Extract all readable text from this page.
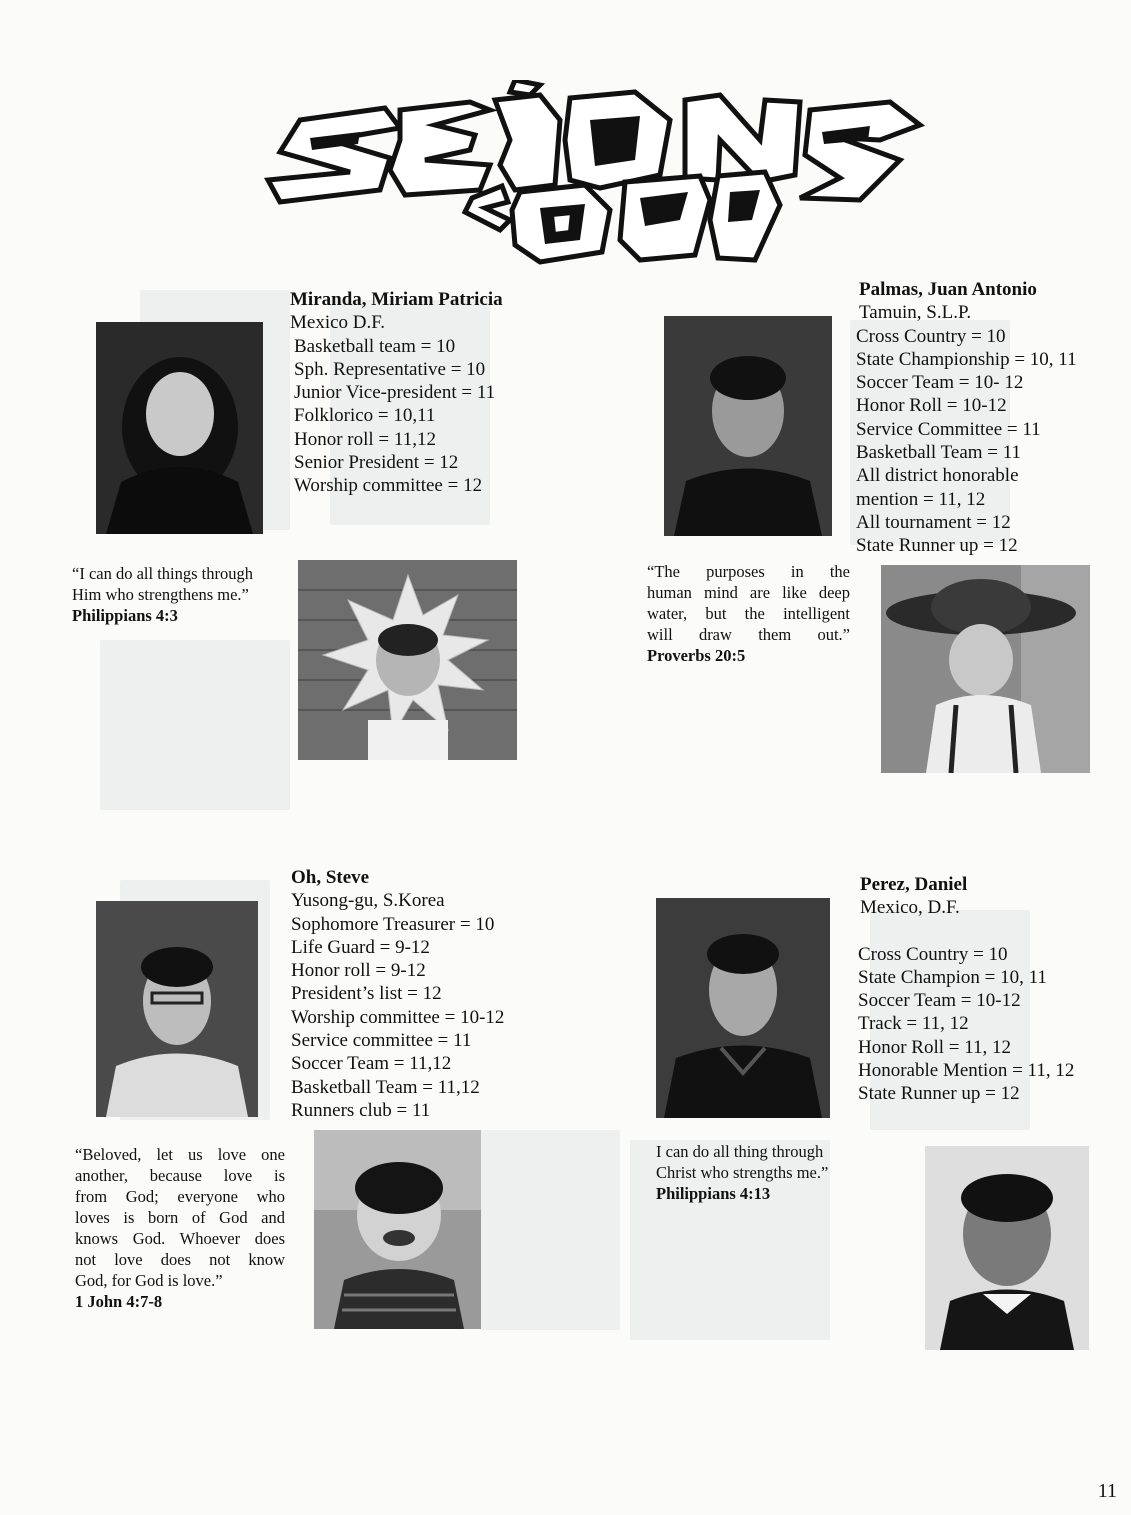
Miranda, Miriam Patricia
Mexico D.F.
Basketball team = 10
Sph. Representative = 10
Junior Vice-president = 11
Folklorico = 10,11
Honor roll = 11,12
Senior President = 12
Worship committee = 12
“I can do all things through
Him who strengthens me.”
Philippians 4:3
Palmas, Juan Antonio
Tamuin, S.L.P.
Cross Country = 10
State Championship = 10, 11
Soccer Team = 10- 12
Honor Roll = 10-12
Service Committee = 11
Basketball Team = 11
All district honorable
mention = 11, 12
All tournament = 12
State Runner up = 12
“The purposes in the
human mind are like deep
water, but the intelligent
will draw them out.”
Proverbs 20:5
Oh, Steve
Yusong-gu, S.Korea
Sophomore Treasurer = 10
Life Guard = 9-12
Honor roll = 9-12
President’s list = 12
Worship committee = 10-12
Service committee = 11
Soccer Team = 11,12
Basketball Team = 11,12
Runners club = 11
“Beloved, let us love one
another, because love is
from God; everyone who
loves is born of God and
knows God. Whoever does
not love does not know
God, for God is love.”
1 John 4:7-8
Perez, Daniel
Mexico, D.F.
Cross Country = 10
State Champion = 10, 11
Soccer Team = 10-12
Track = 11, 12
Honor Roll = 11, 12
Honorable Mention = 11, 12
State Runner up = 12
I can do all thing through
Christ who strengths me.”
Philippians 4:13
11
